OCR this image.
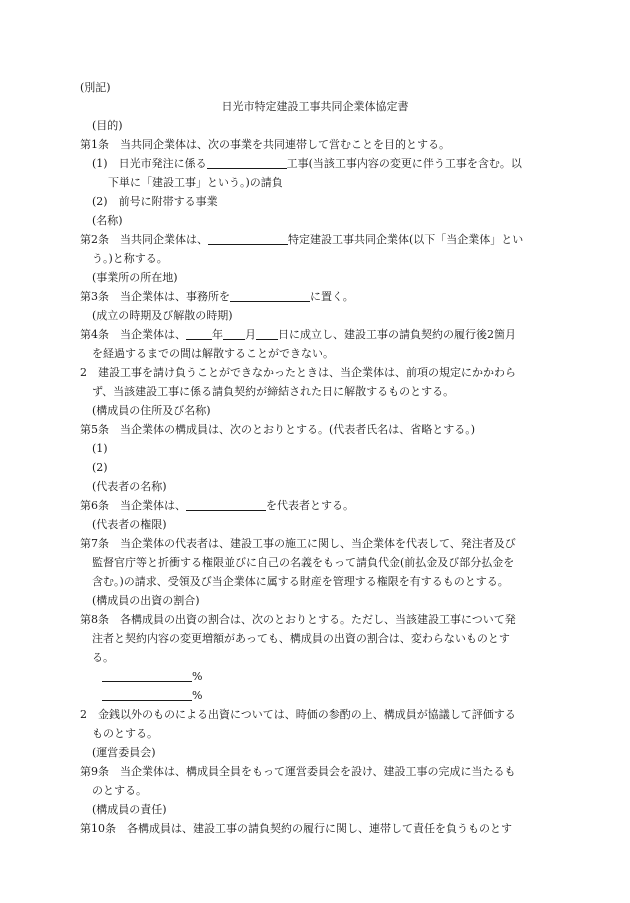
(別記)
日光市特定建設工事共同企業体協定書
(目的)
第1条　当共同企業体は、次の事業を共同連帯して営むことを目的とする。
(1)　日光市発注に係る	工事(当該工事内容の変更に伴う工事を含む。以
下単に「建設工事」という。)の請負
(2)　前号に附帯する事業
(名称)
第2条　当共同企業体は、	特定建設工事共同企業体(以下「当企業体」とい
う。)と称する。
(事業所の所在地)
第3条　当企業体は、事務所を	に置く。
(成立の時期及び解散の時期)
第4条　当企業体は、 年 月 日に成立し、建設工事の請負契約の履行後2箇月
を経過するまでの間は解散することができない。
2　建設工事を請け負うことができなかったときは、当企業体は、前項の規定にかかわら
ず、当該建設工事に係る請負契約が締結された日に解散するものとする。
(構成員の住所及び名称)
第5条　当企業体の構成員は、次のとおりとする。(代表者氏名は、省略とする。)
(1)
(2)
(代表者の名称)
第6条　当企業体は、	を代表者とする。
(代表者の権限)
第7条　当企業体の代表者は、建設工事の施工に関し、当企業体を代表して、発注者及び
監督官庁等と折衝する権限並びに自己の名義をもって請負代金(前払金及び部分払金を
含む。)の請求、受領及び当企業体に属する財産を管理する権限を有するものとする。
(構成員の出資の割合)
第8条　各構成員の出資の割合は、次のとおりとする。ただし、当該建設工事について発
注者と契約内容の変更増額があっても、構成員の出資の割合は、変わらないものとす
る。
%
%
2　金銭以外のものによる出資については、時価の参酌の上、構成員が協議して評価する
ものとする。
(運営委員会)
第9条　当企業体は、構成員全員をもって運営委員会を設け、建設工事の完成に当たるも
のとする。
(構成員の責任)
第10条　各構成員は、建設工事の請負契約の履行に関し、連帯して責任を負うものとす
